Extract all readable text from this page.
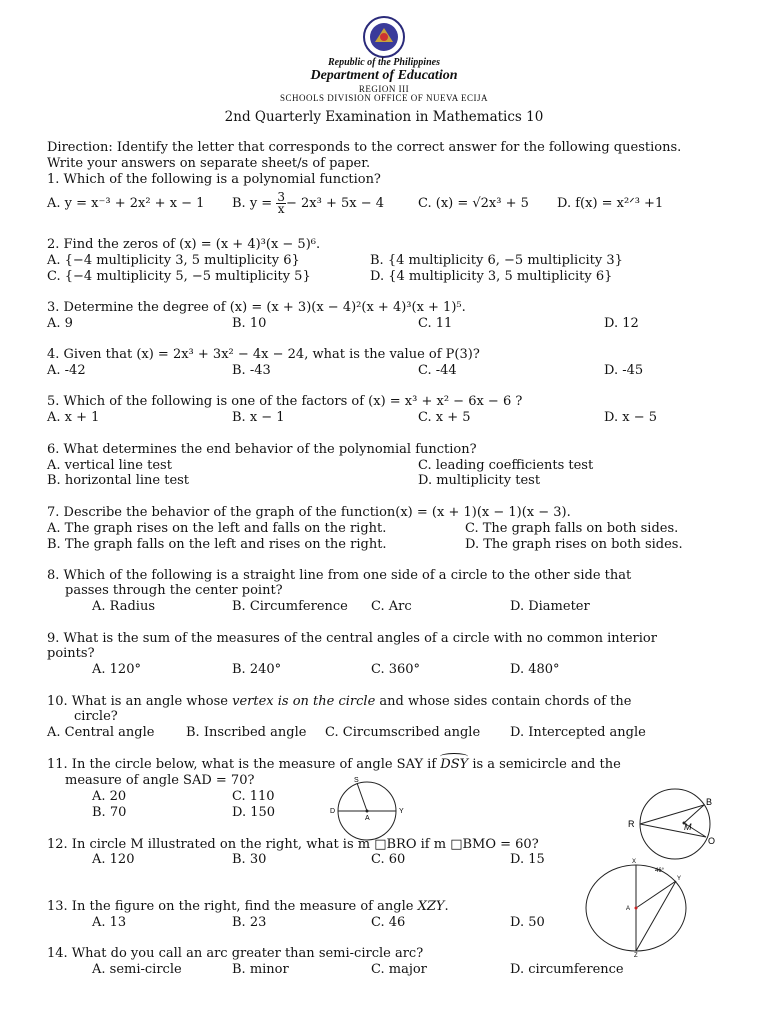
Republic of the Philippines
Department of Education
REGION III
SCHOOLS DIVISION OFFICE OF NUEVA ECIJA
2nd Quarterly Examination in Mathematics 10
Direction: Identify the letter that corresponds to the correct answer for the following questions.
Write your answers on separate sheet/s of paper.
1. Which of the following is a polynomial function?
A. y = x⁻³ + 2x² + x − 1 B. $y = \frac{3}{x} - 2x^3 + 5x - 4$	C. (x) = √2x³ + 5 D. f(x) = x²ᐟ³ +1
2. Find the zeros of (x) = (x + 4)³(x − 5)⁶.
A. {−4 multiplicity 3, 5 multiplicity 6}	B. {4 multiplicity 6, −5 multiplicity 3}
C. {−4 multiplicity 5, −5 multiplicity 5}	D. {4 multiplicity 3, 5 multiplicity 6}
3. Determine the degree of (x) = (x + 3)(x − 4)²(x + 4)³(x + 1)⁵.
A. 9	B. 10	C. 11	D. 12
4. Given that (x) = 2x³ + 3x² − 4x − 24, what is the value of P(3)?
A. -42	B. -43	C. -44	D. -45
5. Which of the following is one of the factors of (x) = x³ + x² − 6x − 6 ?
A. x + 1	B. x − 1	C. x + 5	D. x − 5
6. What determines the end behavior of the polynomial function?
A. vertical line test	C. leading coefficients test
B. horizontal line test	D. multiplicity test
7. Describe the behavior of the graph of the function(x) = (x + 1)(x − 1)(x − 3).
A. The graph rises on the left and falls on the right.	C. The graph falls on both sides.
B. The graph falls on the left and rises on the right.	D. The graph rises on both sides.
8. Which of the following is a straight line from one side of a circle to the other side that
passes through the center point?
A. Radius	B. Circumference C. Arc	D. Diameter
9. What is the sum of the measures of the central angles of a circle with no common interior
points?
A. 120°	B. 240°	C. 360°	D. 480°
10. What is an angle whose vertex is on the circle and whose sides contain chords of the
circle?
A. Central angle B. Inscribed angle C. Circumscribed angle D. Intercepted angle
11. In the circle below, what is the measure of angle SAY if DSY is a semicircle and the
measure of angle SAD = 70?
A. 20	C. 110
B. 70	D. 150
S
D
A
Y
B
R	M
O
12. In circle M illustrated on the right, what is m □BRO if m □BMO = 60?
A. 120	B. 30	C. 60	D. 15	X
46°
Y
A
Z
13. In the figure on the right, find the measure of angle XZY.
A. 13	B. 23	C. 46	D. 50
14. What do you call an arc greater than semi-circle arc?
A. semi-circle	B. minor	C. major	D. circumference
